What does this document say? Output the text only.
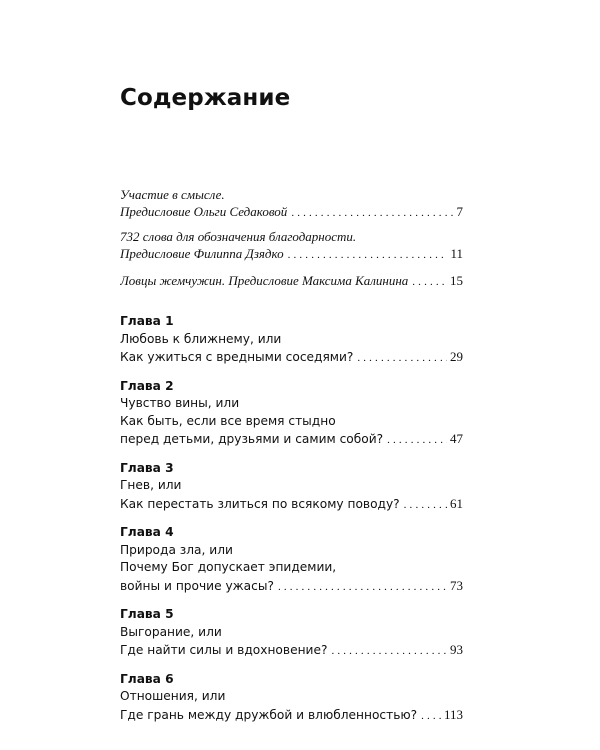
Содержание
Участие в смысле.
Предисловие Ольги Седаковой . . .	7
732 слова для обозначения благодарности.
Предисловие Филиппа Дзядко . . .	11
Ловцы жемчужин. Предисловие Максима Калинина . . .	15
Глава 1
Любовь к ближнему, или
Как ужиться с вредными соседями? . . .	29
Глава 2
Чувство вины, или
Как быть, если все время стыдно
перед детьми, друзьями и самим собой? . . .	47
Глава 3
Гнев, или
Как перестать злиться по всякому поводу? . . .	61
Глава 4
Природа зла, или
Почему Бог допускает эпидемии,
войны и прочие ужасы? . . .	73
Глава 5
Выгорание, или
Где найти силы и вдохновение? . . .	93
Глава 6
Отношения, или
Где грань между дружбой и влюбленностью? . . . 113
